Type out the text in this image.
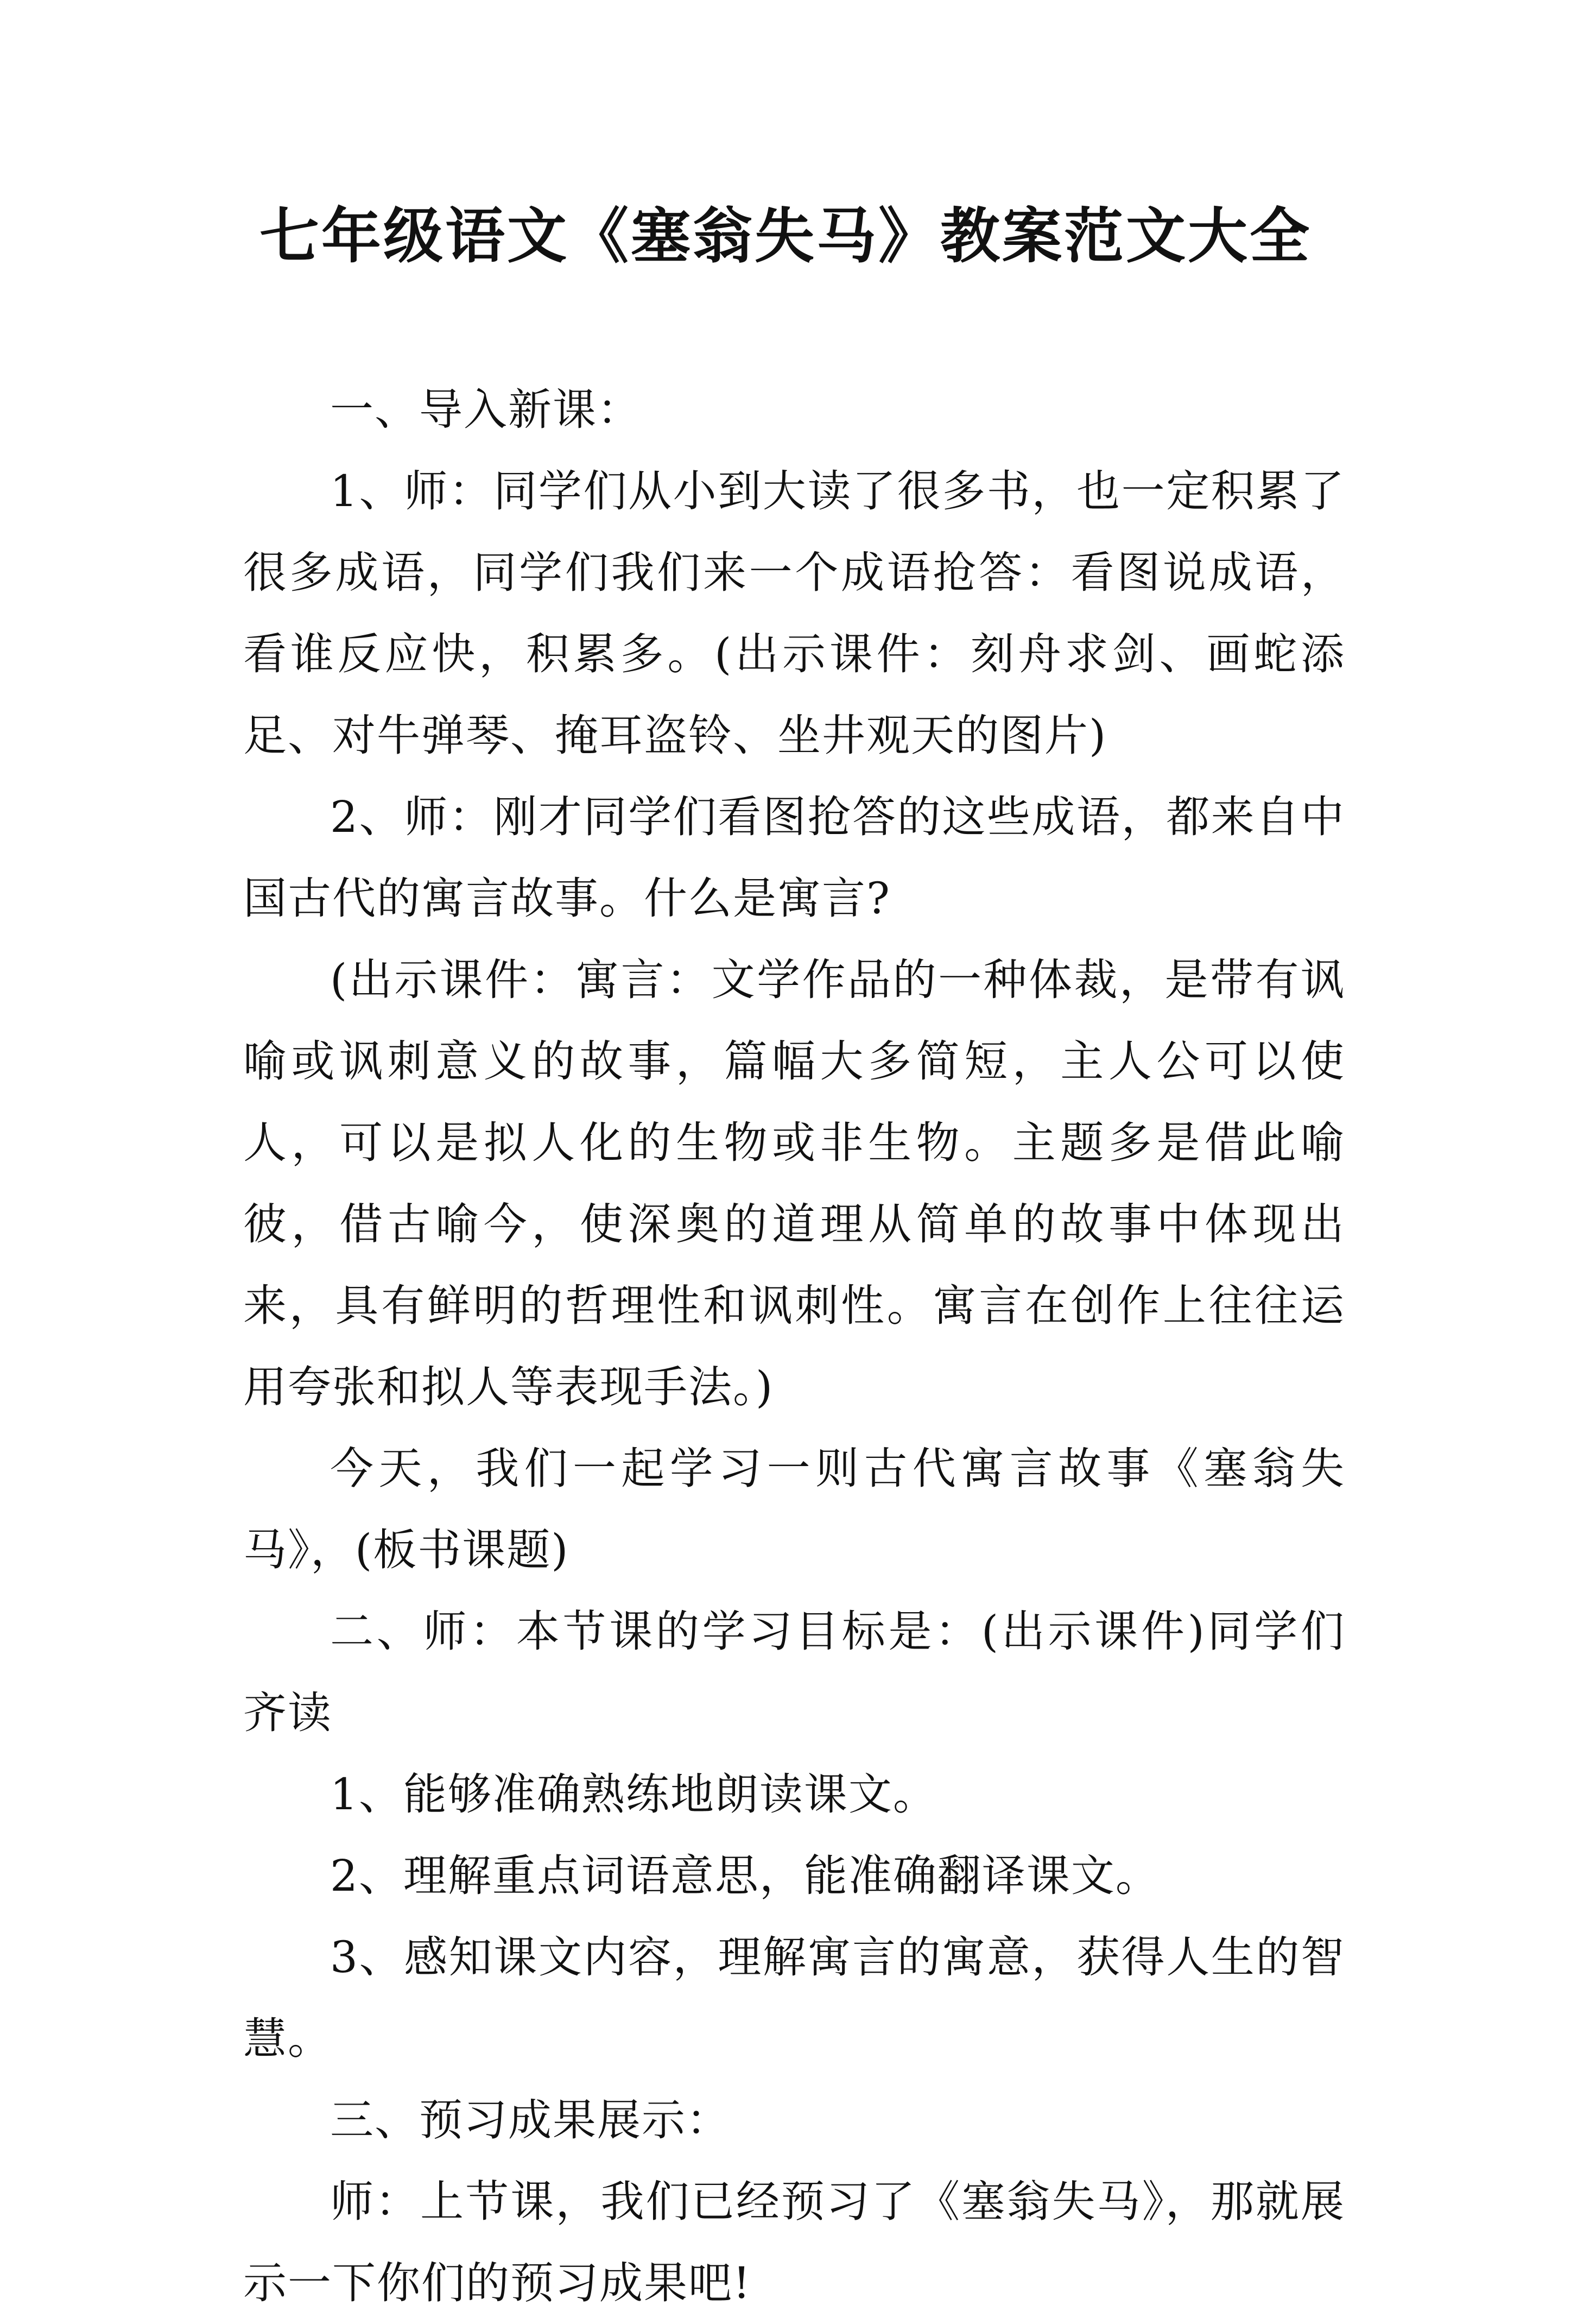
七年级语文《塞翁失马》教案范文大全

一、导入新课：

1、师：同学们从小到大读了很多书，也一定积累了很多成语，同学们我们来一个成语抢答：看图说成语，看谁反应快，积累多。(出示课件：刻舟求剑、画蛇添足、对牛弹琴、掩耳盗铃、坐井观天的图片)

2、师：刚才同学们看图抢答的这些成语，都来自中国古代的寓言故事。什么是寓言?

(出示课件：寓言：文学作品的一种体裁，是带有讽喻或讽刺意义的故事，篇幅大多简短，主人公可以使人，可以是拟人化的生物或非生物。主题多是借此喻彼，借古喻今，使深奥的道理从简单的故事中体现出来，具有鲜明的哲理性和讽刺性。寓言在创作上往往运用夸张和拟人等表现手法。)

今天，我们一起学习一则古代寓言故事《塞翁失马》，(板书课题)

二、师：本节课的学习目标是：(出示课件)同学们齐读

1、能够准确熟练地朗读课文。

2、理解重点词语意思，能准确翻译课文。

3、感知课文内容，理解寓言的寓意，获得人生的智慧。

三、预习成果展示：

师：上节课，我们已经预习了《塞翁失马》，那就展示一下你们的预习成果吧!
